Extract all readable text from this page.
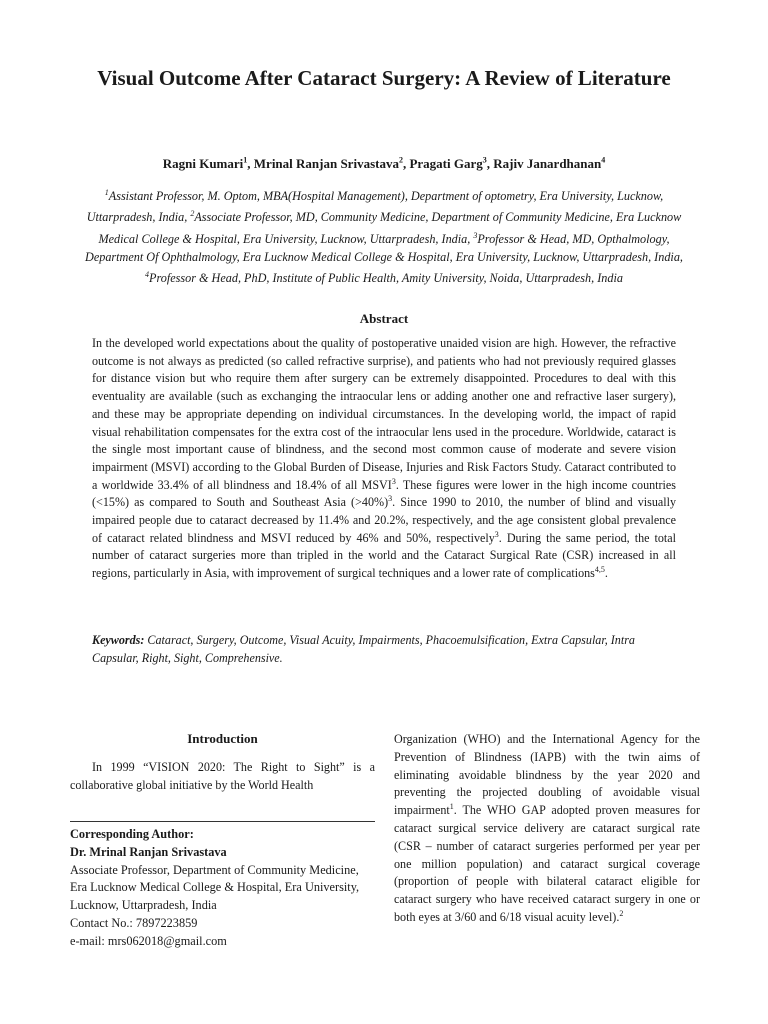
Visual Outcome After Cataract Surgery: A Review of Literature
Ragni Kumari$^1$, Mrinal Ranjan Srivastava$^2$, Pragati Garg$^3$, Rajiv Janardhanan$^4$
$^1$Assistant Professor, M. Optom, MBA(Hospital Management), Department of optometry, Era University, Lucknow, Uttarpradesh, India, $^2$Associate Professor, MD, Community Medicine, Department of Community Medicine, Era Lucknow Medical College & Hospital, Era University, Lucknow, Uttarpradesh, India, $^3$Professor & Head, MD, Opthalmology, Department Of Ophthalmology, Era Lucknow Medical College & Hospital, Era University, Lucknow, Uttarpradesh, India, $^4$Professor & Head, PhD, Institute of Public Health, Amity University, Noida, Uttarpradesh, India
Abstract
In the developed world expectations about the quality of postoperative unaided vision are high. However, the refractive outcome is not always as predicted (so called refractive surprise), and patients who had not previously required glasses for distance vision but who require them after surgery can be extremely disappointed. Procedures to deal with this eventuality are available (such as exchanging the intraocular lens or adding another one and refractive laser surgery), and these may be appropriate depending on individual circumstances. In the developing world, the impact of rapid visual rehabilitation compensates for the extra cost of the intraocular lens used in the procedure. Worldwide, cataract is the single most important cause of blindness, and the second most common cause of moderate and severe vision impairment (MSVI) according to the Global Burden of Disease, Injuries and Risk Factors Study. Cataract contributed to a worldwide 33.4% of all blindness and 18.4% of all MSVI$^3$. These figures were lower in the high income countries (<15%) as compared to South and Southeast Asia (>40%)$^3$. Since 1990 to 2010, the number of blind and visually impaired people due to cataract decreased by 11.4% and 20.2%, respectively, and the age consistent global prevalence of cataract related blindness and MSVI reduced by 46% and 50%, respectively$^3$. During the same period, the total number of cataract surgeries more than tripled in the world and the Cataract Surgical Rate (CSR) increased in all regions, particularly in Asia, with improvement of surgical techniques and a lower rate of complications$^{4,5}$.
Keywords: Cataract, Surgery, Outcome, Visual Acuity, Impairments, Phacoemulsification, Extra Capsular, Intra Capsular, Right, Sight, Comprehensive.
Introduction

In 1999 “VISION 2020: The Right to Sight” is a collaborative global initiative by the World Health

Corresponding Author:
Dr. Mrinal Ranjan Srivastava
Associate Professor, Department of Community Medicine, Era Lucknow Medical College & Hospital, Era University, Lucknow, Uttarpradesh, India
Contact No.: 7897223859
e-mail: mrs062018@gmail.com
Organization (WHO) and the International Agency for the Prevention of Blindness (IAPB) with the twin aims of eliminating avoidable blindness by the year 2020 and preventing the projected doubling of avoidable visual impairment$^1$. The WHO GAP adopted proven measures for cataract surgical service delivery are cataract surgical rate (CSR – number of cataract surgeries performed per year per one million population) and cataract surgical coverage (proportion of people with bilateral cataract eligible for cataract surgery who have received cataract surgery in one or both eyes at 3/60 and 6/18 visual acuity level).$^2$
